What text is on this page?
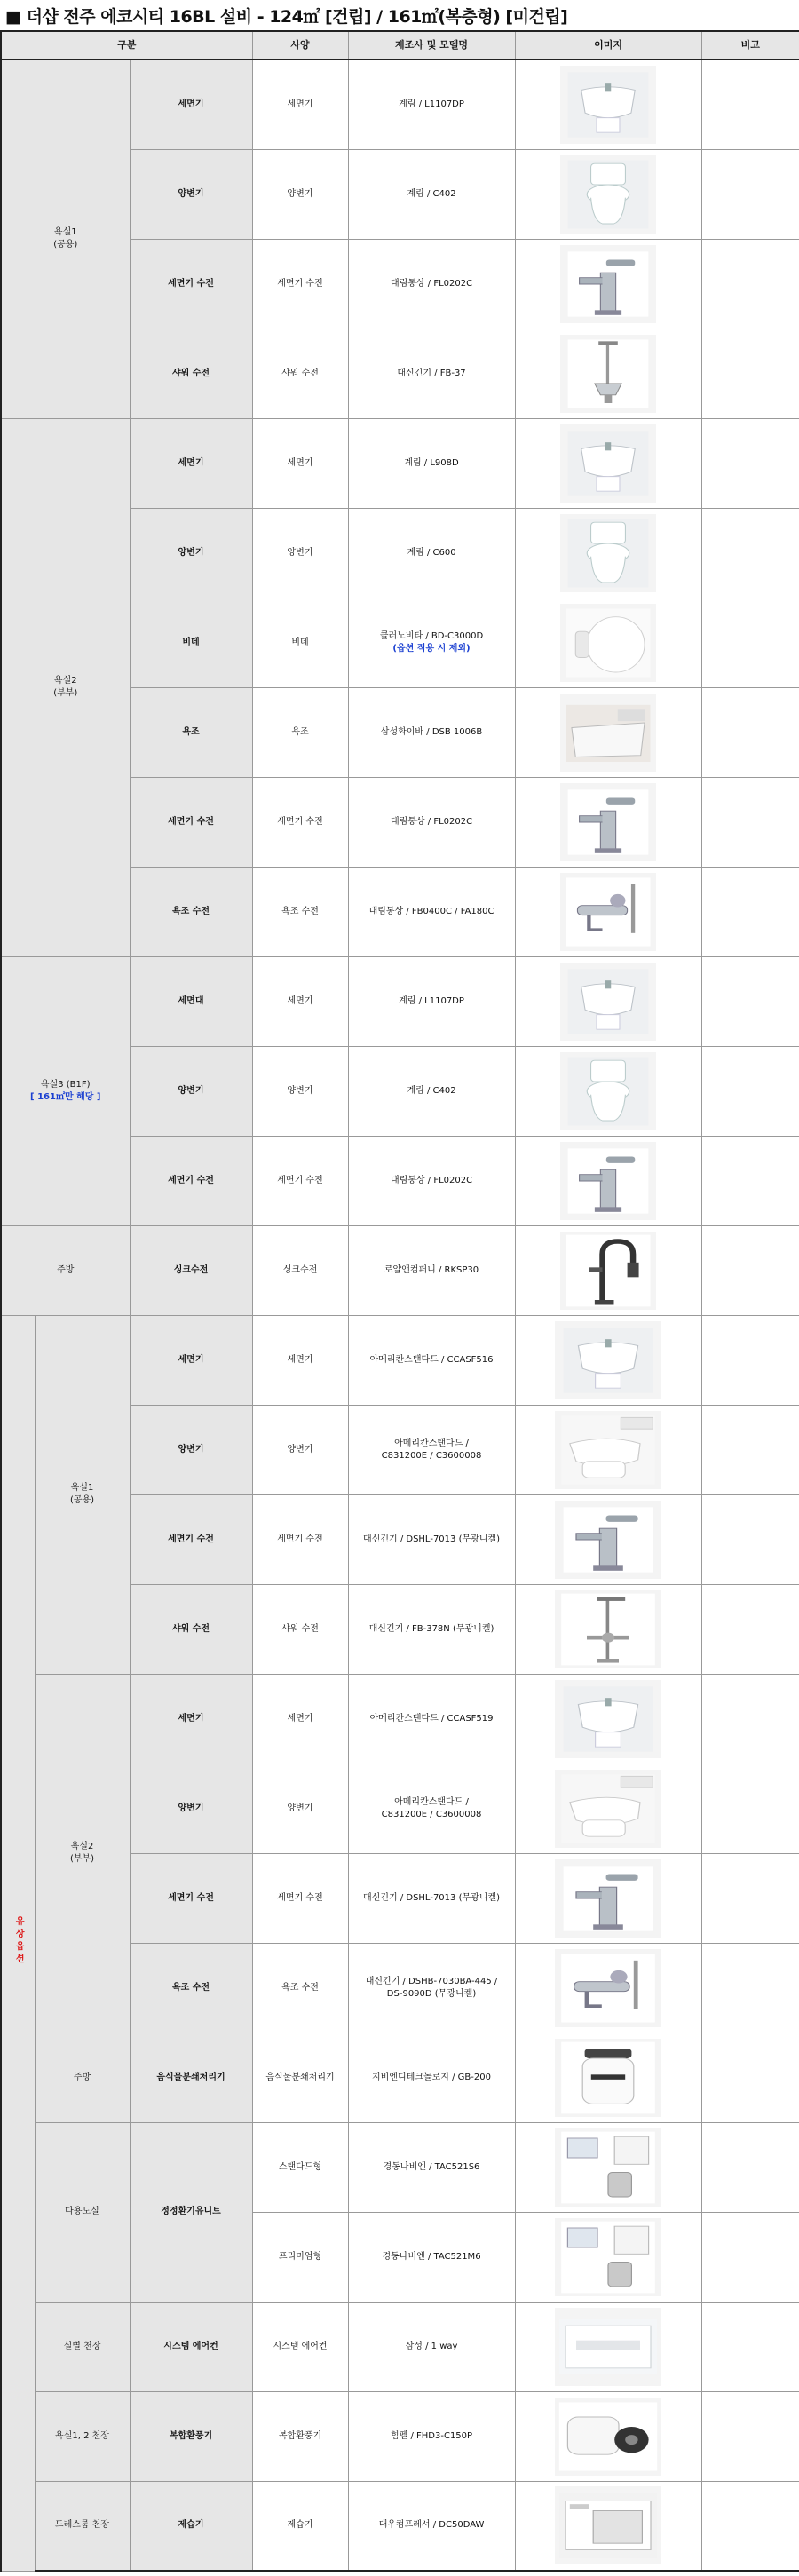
■ 더샵 전주 에코시티 16BL 설비 - 124㎡ [건립] / 161㎡(복층형) [미건립]
구분			사양	제조사 및 모델명	이미지	비고
욕실1
(공용)		세면기	세면기	계림 / L1107DP	

		양변기	양변기	계림 / C402	

		세면기 수전	세면기 수전	대림통상 / FL0202C	

		샤워 수전	샤워 수전	대신긴기 / FB-37	

욕실2
(부부)		세면기	세면기	계림 / L908D	

		양변기	양변기	계림 / C600	

		비데	비데	콜러노비타 / BD-C3000D
(옵션 적용 시 제외)

		욕조	욕조	삼성화이바 / DSB 1006B	

		세면기 수전	세면기 수전	대림통상 / FL0202C	

		욕조 수전	욕조 수전	대림통상 / FB0400C / FA180C	

욕실3 (B1F)
[ 161㎡만 해당 ]		세면대	세면기	계림 / L1107DP	

		양변기	양변기	계림 / C402	

		세면기 수전	세면기 수전	대림통상 / FL0202C	

주방		싱크수전	싱크수전	로얄앤컴퍼니 / RKSP30	

유상옵션	욕실1
(공용)	세면기	세면기	아메리칸스탠다드 / CCASF516	

		양변기	양변기	아메리칸스탠다드 /
C831200E / C3600008	

		세면기 수전	세면기 수전	대신긴기 / DSHL-7013 (무광니켈)	

		샤워 수전	샤워 수전	대신긴기 / FB-378N (무광니켈)	

	욕실2
(부부)	세면기	세면기	아메리칸스탠다드 / CCASF519	

		양변기	양변기	아메리칸스탠다드 /
C831200E / C3600008	

		세면기 수전	세면기 수전	대신긴기 / DSHL-7013 (무광니켈)	

		욕조 수전	욕조 수전	대신긴기 / DSHB-7030BA-445 /
DS-9090D (무광니켈)	

	주방	음식물분쇄처리기	음식물분쇄처리기	지비엔디테크놀로지 / GB-200	

	다용도실	정정환기유니트	스탠다드형	경동나비엔 / TAC521S6	

			프리미엄형	경동나비엔 / TAC521M6	

	실별 천장	시스템 에어컨	시스템 에어컨	삼성 / 1 way	

	욕실1, 2 천장	복합환풍기	복합환풍기	힘펠 / FHD3-C150P	

	드레스룸 천장	제습기	제습기	대우컴프레셔 / DC50DAW	
